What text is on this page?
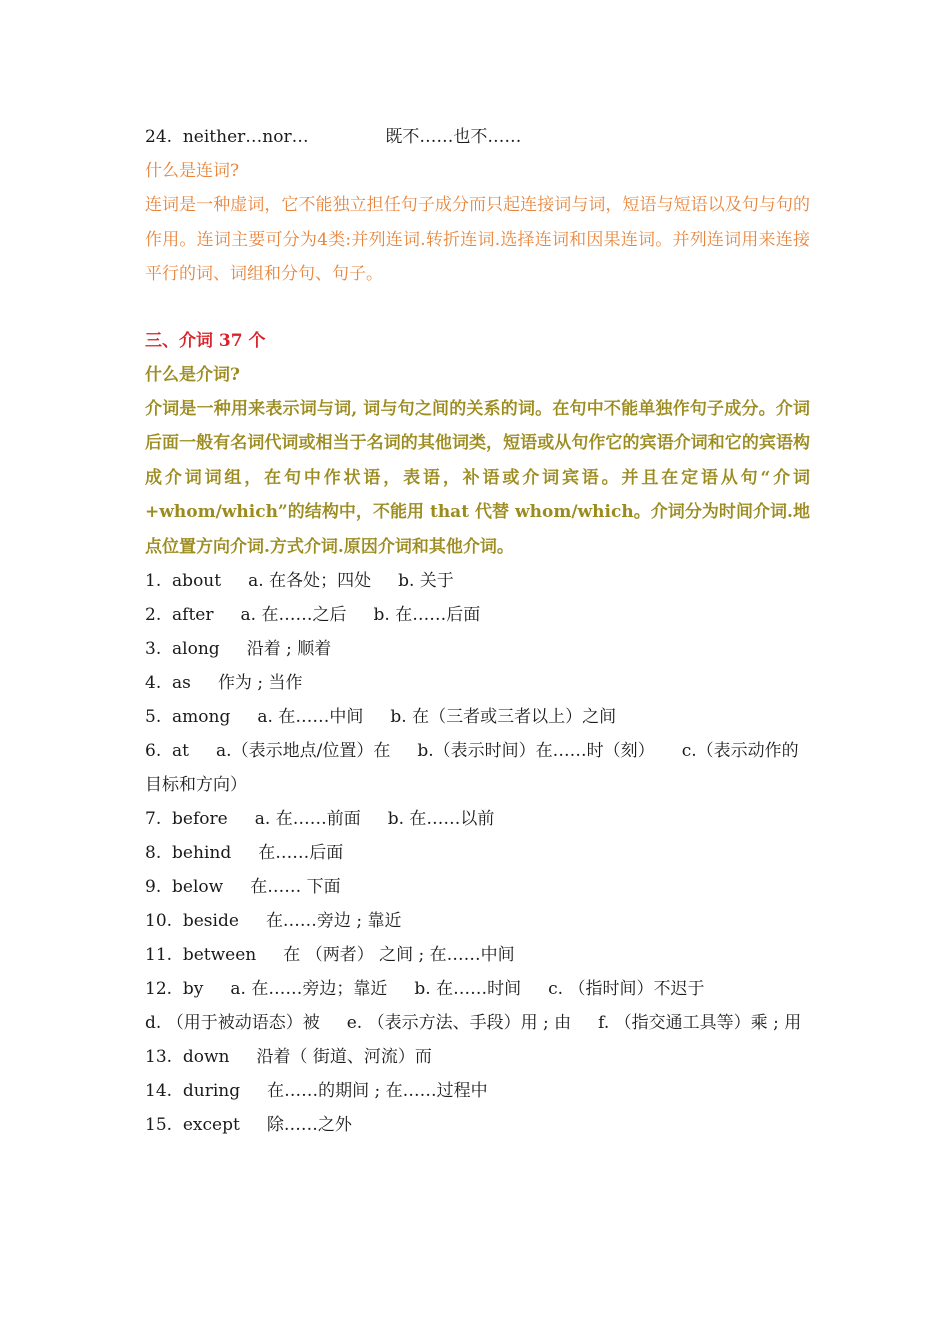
24. neither…nor…	既不……也不……
什么是连词?
连词是一种虚词，它不能独立担任句子成分而只起连接词与词，短语与短语以及句与句的作用。连词主要可分为4类:并列连词.转折连词.选择连词和因果连词。并列连词用来连接平行的词、词组和分句、句子。
三、介词 37 个
什么是介词?
介词是一种用来表示词与词, 词与句之间的关系的词。在句中不能单独作句子成分。介词后面一般有名词代词或相当于名词的其他词类，短语或从句作它的宾语介词和它的宾语构成介词词组，在句中作状语，表语，补语或介词宾语。并且在定语从句“介词+whom/which”的结构中，不能用 that 代替 whom/which。介词分为时间介词.地点位置方向介词.方式介词.原因介词和其他介词。
1. about a. 在各处；四处 b. 关于
2. after a. 在……之后 b. 在……后面
3. along 沿着 ; 顺着
4. as 作为 ; 当作
5. among a. 在……中间 b. 在（三者或三者以上）之间
6. at a.（表示地点/位置）在 b.（表示时间）在……时（刻） c.（表示动作的目标和方向）
7. before a. 在……前面 b. 在……以前
8. behind 在……后面
9. below 在…… 下面
10. beside 在……旁边 ; 靠近
11. between 在 （两者） 之间 ; 在……中间
12. by a. 在……旁边；靠近 b. 在……时间 c. （指时间）不迟于
d. （用于被动语态）被 e. （表示方法、手段）用 ; 由 f. （指交通工具等）乘 ; 用
13. down 沿着（ 街道、河流）而
14. during 在……的期间 ; 在……过程中
15. except 除……之外
